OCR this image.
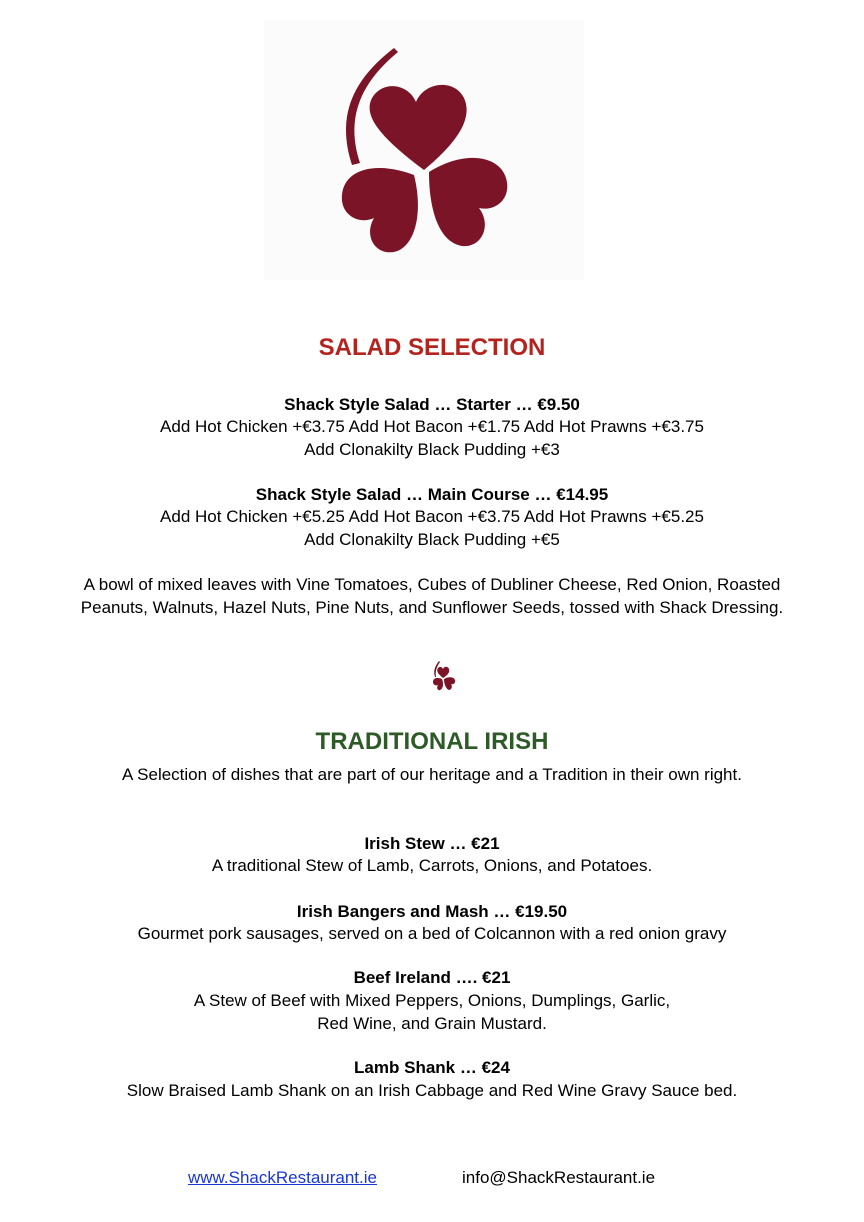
SALAD SELECTION
Shack Style Salad … Starter … €9.50
Add Hot Chicken +€3.75 Add Hot Bacon +€1.75 Add Hot Prawns +€3.75
Add Clonakilty Black Pudding +€3
Shack Style Salad … Main Course … €14.95
Add Hot Chicken +€5.25 Add Hot Bacon +€3.75 Add Hot Prawns +€5.25
Add Clonakilty Black Pudding +€5
A bowl of mixed leaves with Vine Tomatoes, Cubes of Dubliner Cheese, Red Onion, Roasted
Peanuts, Walnuts, Hazel Nuts, Pine Nuts, and Sunflower Seeds, tossed with Shack Dressing.
TRADITIONAL IRISH
A Selection of dishes that are part of our heritage and a Tradition in their own right.
Irish Stew … €21
A traditional Stew of Lamb, Carrots, Onions, and Potatoes.
Irish Bangers and Mash … €19.50
Gourmet pork sausages, served on a bed of Colcannon with a red onion gravy
Beef Ireland …. €21
A Stew of Beef with Mixed Peppers, Onions, Dumplings, Garlic,
Red Wine, and Grain Mustard.
Lamb Shank … €24
Slow Braised Lamb Shank on an Irish Cabbage and Red Wine Gravy Sauce bed.
www.ShackRestaurant.ie	info@ShackRestaurant.ie
